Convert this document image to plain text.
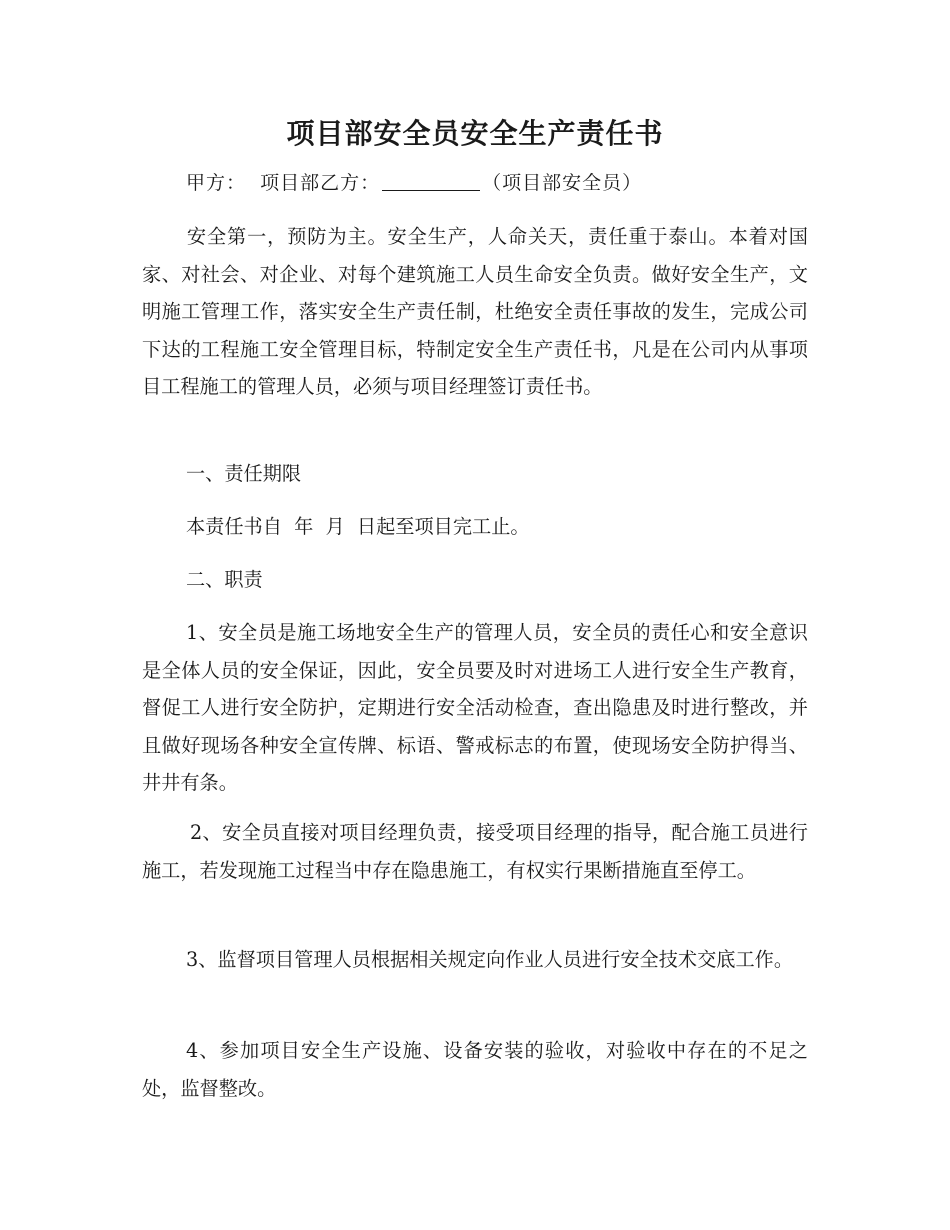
项目部安全员安全生产责任书
甲方： 项目部乙方：	（项目部安全员）

安全第一，预防为主。安全生产，人命关天，责任重于泰山。本着对国家、对社会、对企业、对每个建筑施工人员生命安全负责。做好安全生产，文明施工管理工作，落实安全生产责任制，杜绝安全责任事故的发生，完成公司下达的工程施工安全管理目标，特制定安全生产责任书，凡是在公司内从事项目工程施工的管理人员，必须与项目经理签订责任书。

一、责任期限

本责任书自  年  月  日起至项目完工止。

二、职责

1、安全员是施工场地安全生产的管理人员，安全员的责任心和安全意识是全体人员的安全保证，因此，安全员要及时对进场工人进行安全生产教育，督促工人进行安全防护，定期进行安全活动检查，查出隐患及时进行整改，并且做好现场各种安全宣传牌、标语、警戒标志的布置，使现场安全防护得当、井井有条。

2、安全员直接对项目经理负责，接受项目经理的指导，配合施工员进行施工，若发现施工过程当中存在隐患施工，有权实行果断措施直至停工。

3、监督项目管理人员根据相关规定向作业人员进行安全技术交底工作。

4、参加项目安全生产设施、设备安装的验收，对验收中存在的不足之处，监督整改。
